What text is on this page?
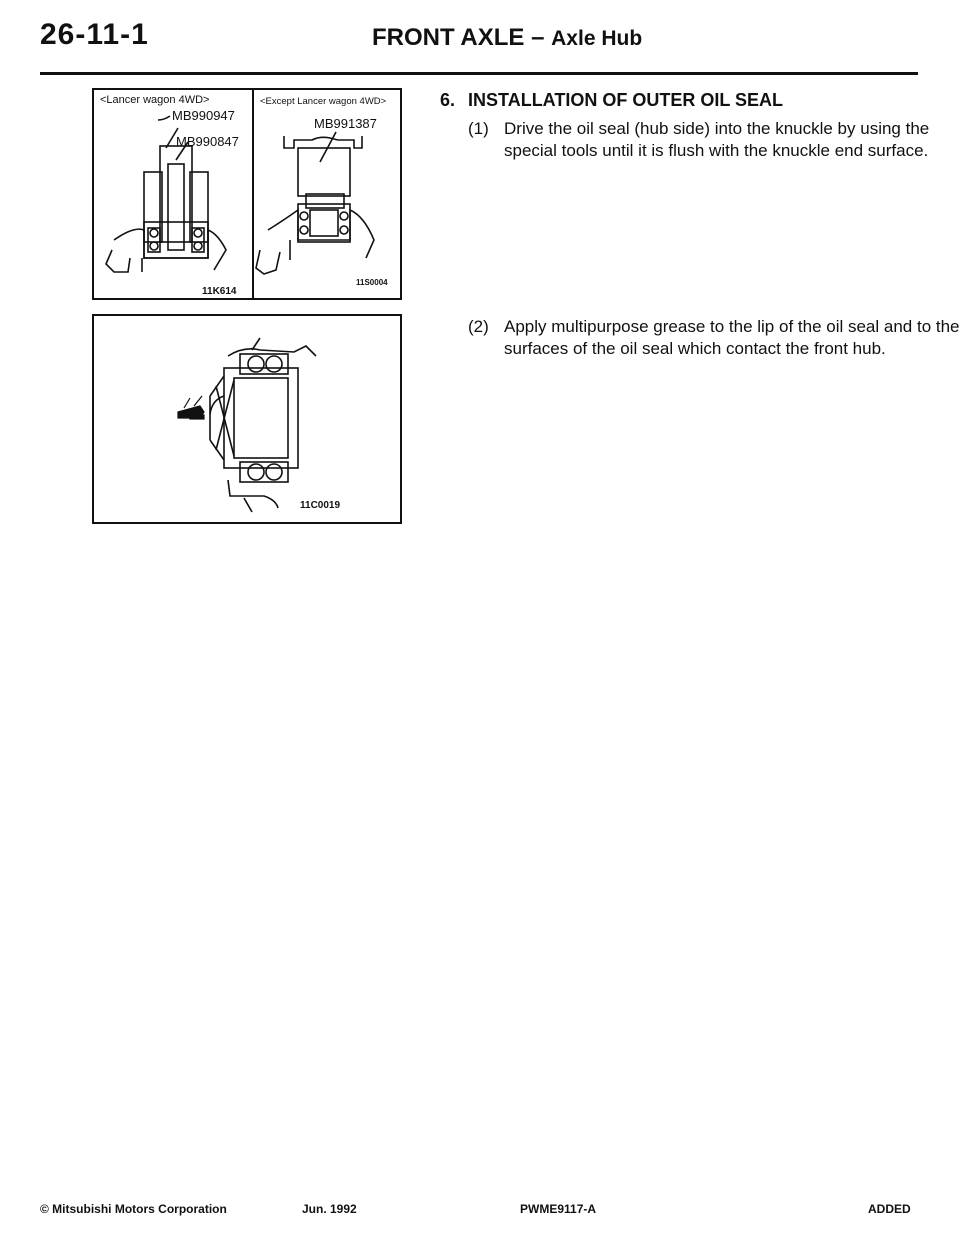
26-11-1	FRONT AXLE – Axle Hub
<Lancer wagon 4WD>
MB990947
MB990847
11K614
<Except Lancer wagon 4WD>
MB991387
11S0004
11C0019
6. INSTALLATION OF OUTER OIL SEAL
(1) Drive the oil seal (hub side) into the knuckle by using the special tools until it is flush with the knuckle end surface.
(2) Apply multipurpose grease to the lip of the oil seal and to the surfaces of the oil seal which contact the front hub.
© Mitsubishi Motors Corporation	Jun. 1992	PWME9117-A	ADDED
